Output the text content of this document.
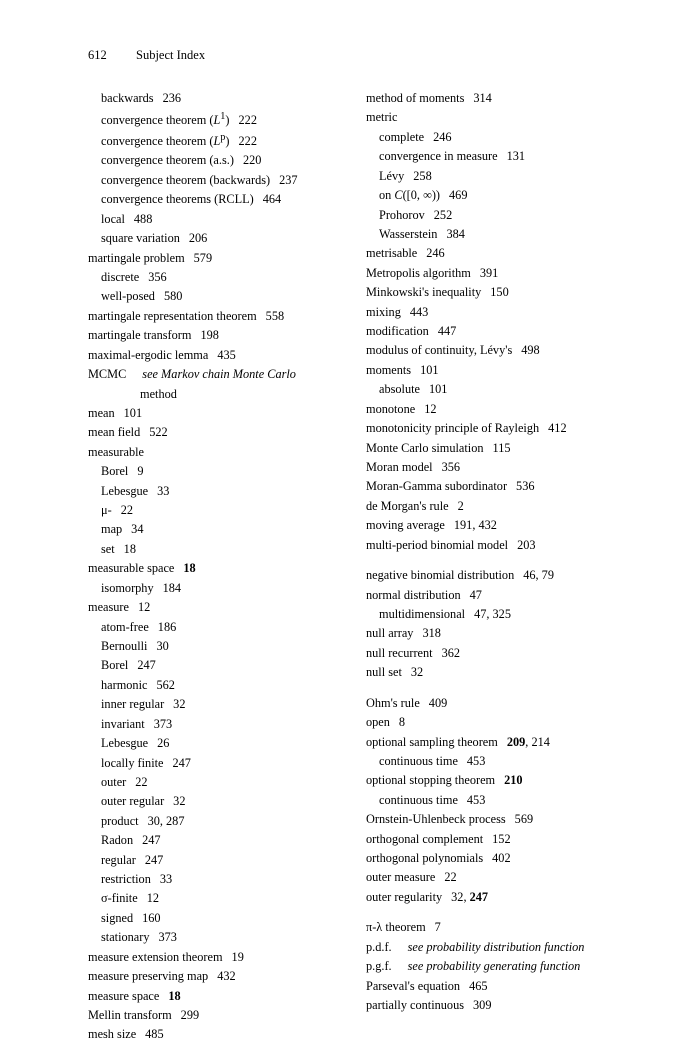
612 Subject Index
backwards 236
convergence theorem $(L^1)$ 222
convergence theorem $(L^p)$ 222
convergence theorem (a.s.) 220
convergence theorem (backwards) 237
convergence theorems (RCLL) 464
local 488
square variation 206
martingale problem 579
discrete 356
well-posed 580
martingale representation theorem 558
martingale transform 198
maximal-ergodic lemma 435
MCMC see Markov chain Monte Carlo
method
mean 101
mean field 522
measurable
Borel 9
Lebesgue 33
μ- 22
map 34
set 18
measurable space 18
isomorphy 184
measure 12
atom-free 186
Bernoulli 30
Borel 247
harmonic 562
inner regular 32
invariant 373
Lebesgue 26
locally finite 247
outer 22
outer regular 32
product 30, 287
Radon 247
regular 247
restriction 33
σ-finite 12
signed 160
stationary 373
measure extension theorem 19
measure preserving map 432
measure space 18
Mellin transform 299
mesh size 485
method of moments 314
metric
complete 246
convergence in measure 131
Lévy 258
on C([0, ∞)) 469
Prohorov 252
Wasserstein 384
metrisable 246
Metropolis algorithm 391
Minkowski's inequality 150
mixing 443
modification 447
modulus of continuity, Lévy's 498
moments 101
absolute 101
monotone 12
monotonicity principle of Rayleigh 412
Monte Carlo simulation 115
Moran model 356
Moran-Gamma subordinator 536
de Morgan's rule 2
moving average 191, 432
multi-period binomial model 203
negative binomial distribution 46, 79
normal distribution 47
multidimensional 47, 325
null array 318
null recurrent 362
null set 32
Ohm's rule 409
open 8
optional sampling theorem 209, 214
continuous time 453
optional stopping theorem 210
continuous time 453
Ornstein-Uhlenbeck process 569
orthogonal complement 152
orthogonal polynomials 402
outer measure 22
outer regularity 32, 247
π-λ theorem 7
p.d.f. see probability distribution function
p.g.f. see probability generating function
Parseval's equation 465
partially continuous 309
